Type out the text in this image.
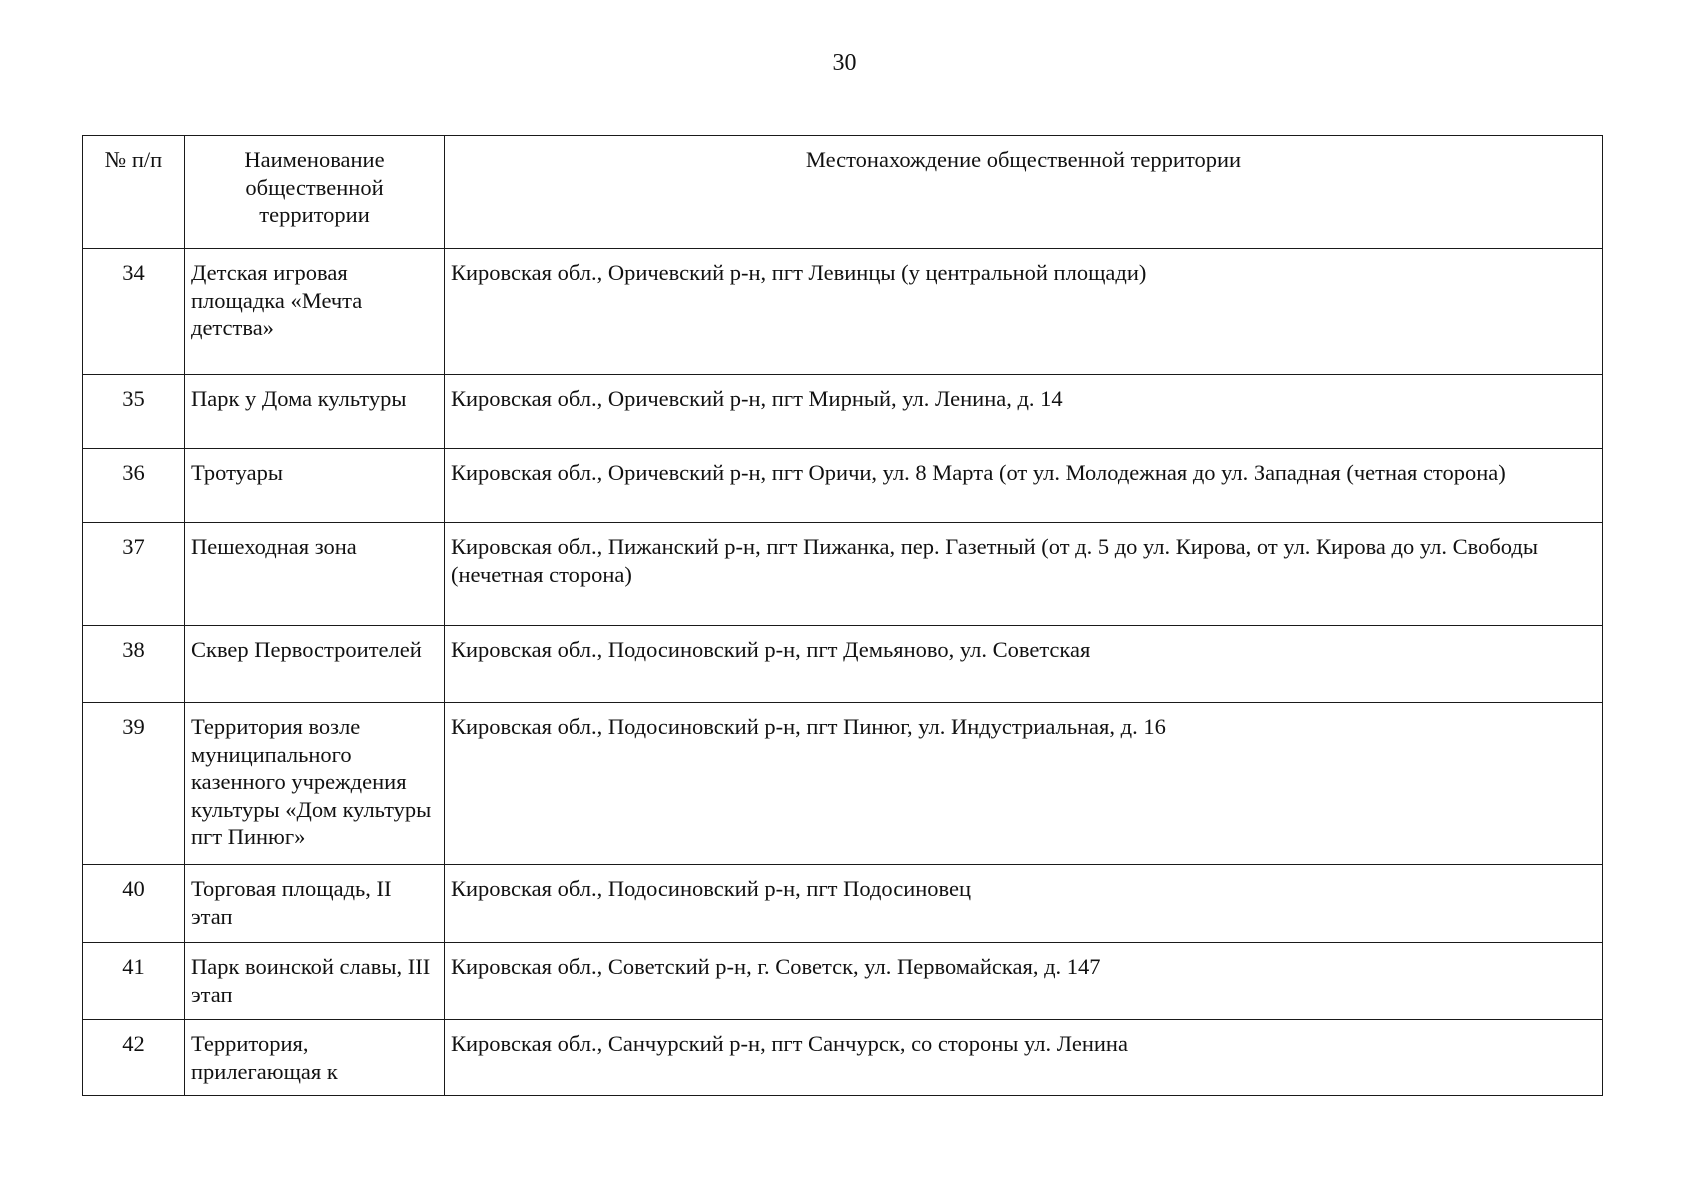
30
№ п/п	Наименование общественной территории	Местонахождение общественной территории
34	Детская игровая площадка «Мечта детства»	Кировская обл., Оричевский р-н, пгт Левинцы (у центральной площади)
35	Парк у Дома культуры	Кировская обл., Оричевский р-н, пгт Мирный, ул. Ленина, д. 14
36	Тротуары	Кировская обл., Оричевский р-н, пгт Оричи, ул. 8 Марта (от ул. Молодежная до ул. Западная (четная сторона)
37	Пешеходная зона	Кировская обл., Пижанский р-н, пгт Пижанка, пер. Газетный (от д. 5 до ул. Кирова, от ул. Кирова до ул. Свободы (нечетная сторона)
38	Сквер Первостроителей	Кировская обл., Подосиновский р-н, пгт Демьяново, ул. Советская
39	Территория возле муниципального казенного учреждения культуры «Дом культуры пгт Пинюг»	Кировская обл., Подосиновский р-н, пгт Пинюг, ул. Индустриальная, д. 16
40	Торговая площадь, II этап	Кировская обл., Подосиновский р-н, пгт Подосиновец
41	Парк воинской славы, III этап	Кировская обл., Советский р-н, г. Советск, ул. Первомайская, д. 147
42	Территория, прилегающая к	Кировская обл., Санчурский р-н, пгт Санчурск, со стороны ул. Ленина
